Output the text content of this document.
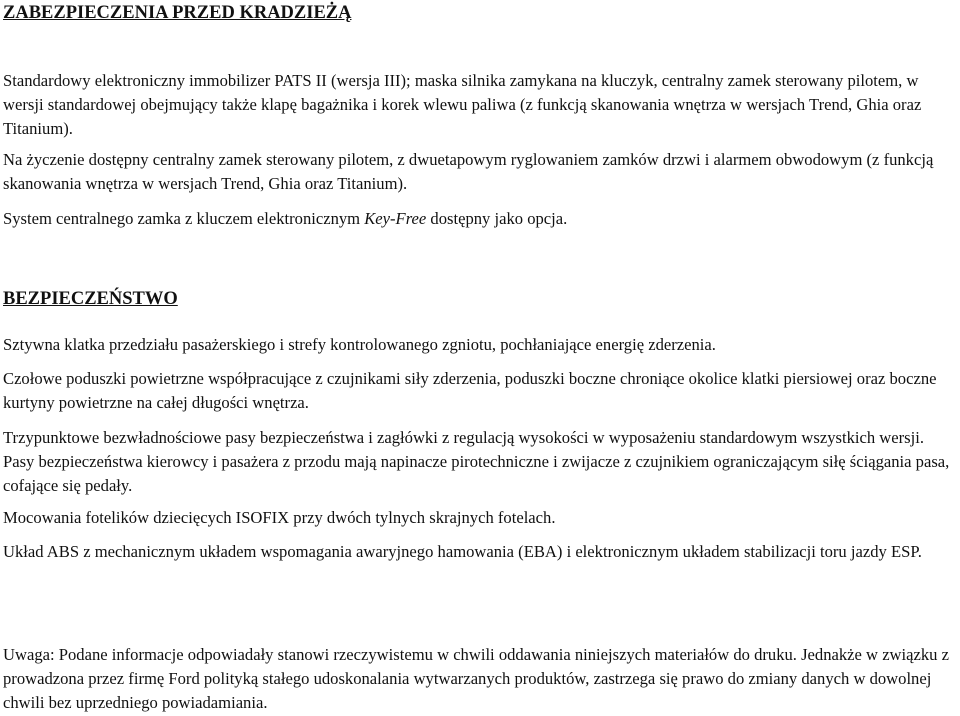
ZABEZPIECZENIA PRZED KRADZIEŻĄ

Standardowy elektroniczny immobilizer PATS II (wersja III); maska silnika zamykana na kluczyk, centralny zamek sterowany pilotem, w wersji standardowej obejmujący także klapę bagażnika i korek wlewu paliwa (z funkcją skanowania wnętrza w wersjach Trend, Ghia oraz Titanium).

Na życzenie dostępny centralny zamek sterowany pilotem, z dwuetapowym ryglowaniem zamków drzwi i alarmem obwodowym (z funkcją skanowania wnętrza w wersjach Trend, Ghia oraz Titanium).

System centralnego zamka z kluczem elektronicznym Key-Free dostępny jako opcja.

BEZPIECZEŃSTWO

Sztywna klatka przedziału pasażerskiego i strefy kontrolowanego zgniotu, pochłaniające energię zderzenia.

Czołowe poduszki powietrzne współpracujące z czujnikami siły zderzenia, poduszki boczne chroniące okolice klatki piersiowej oraz boczne kurtyny powietrzne na całej długości wnętrza.

Trzypunktowe bezwładnościowe pasy bezpieczeństwa i zagłówki z regulacją wysokości w wyposażeniu standardowym wszystkich wersji. Pasy bezpieczeństwa kierowcy i pasażera z przodu mają napinacze pirotechniczne i zwijacze z czujnikiem ograniczającym siłę ściągania pasa, cofające się pedały.

Mocowania fotelików dziecięcych ISOFIX przy dwóch tylnych skrajnych fotelach.

Układ ABS z mechanicznym układem wspomagania awaryjnego hamowania (EBA) i elektronicznym układem stabilizacji toru jazdy ESP.

Uwaga: Podane informacje odpowiadały stanowi rzeczywistemu w chwili oddawania niniejszych materiałów do druku. Jednakże w związku z prowadzona przez firmę Ford polityką stałego udoskonalania wytwarzanych produktów, zastrzega się prawo do zmiany danych w dowolnej chwili bez uprzedniego powiadamiania.
